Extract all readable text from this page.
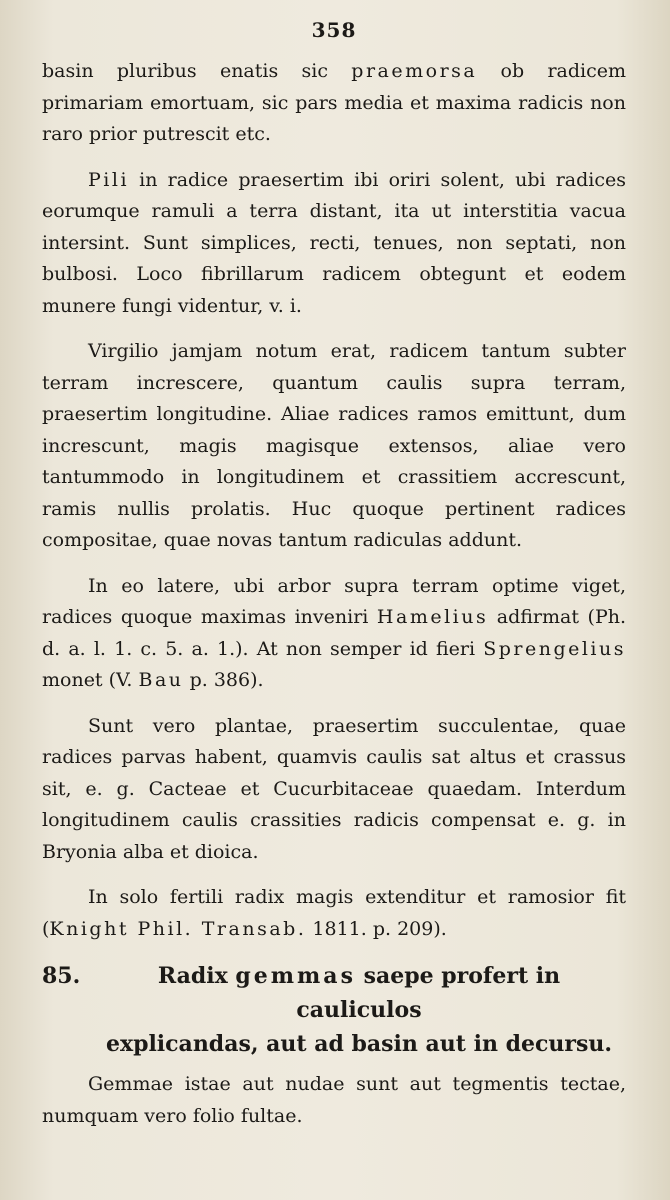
358

basin pluribus enatis sic praemorsa ob radicem primariam emortuam, sic pars media et maxima radicis non raro prior putrescit etc.

Pili in radice praesertim ibi oriri solent, ubi radices eorumque ramuli a terra distant, ita ut interstitia vacua intersint. Sunt simplices, recti, tenues, non septati, non bulbosi. Loco fibrillarum radicem obtegunt et eodem munere fungi videntur, v. i.

Virgilio jamjam notum erat, radicem tantum subter terram increscere, quantum caulis supra terram, praesertim longitudine. Aliae radices ramos emittunt, dum increscunt, magis magisque extensos, aliae vero tantummodo in longitudinem et crassitiem accrescunt, ramis nullis prolatis. Huc quoque pertinent radices compositae, quae novas tantum radiculas addunt.

In eo latere, ubi arbor supra terram optime viget, radices quoque maximas inveniri Hamelius adfirmat (Ph. d. a. l. 1. c. 5. a. 1.). At non semper id fieri Sprengelius monet (V. Bau p. 386).

Sunt vero plantae, praesertim succulentae, quae radices parvas habent, quamvis caulis sat altus et crassus sit, e. g. Cacteae et Cucurbitaceae quaedam. Interdum longitudinem caulis crassities radicis compensat e. g. in Bryonia alba et dioica.

In solo fertili radix magis extenditur et ramosior fit (Knight Phil. Transab. 1811. p. 209).

85.	Radix gemmas saepe profert in cauliculos
explicandas, aut ad basin aut in decursu.

Gemmae istae aut nudae sunt aut tegmentis tectae, numquam vero folio fultae.
